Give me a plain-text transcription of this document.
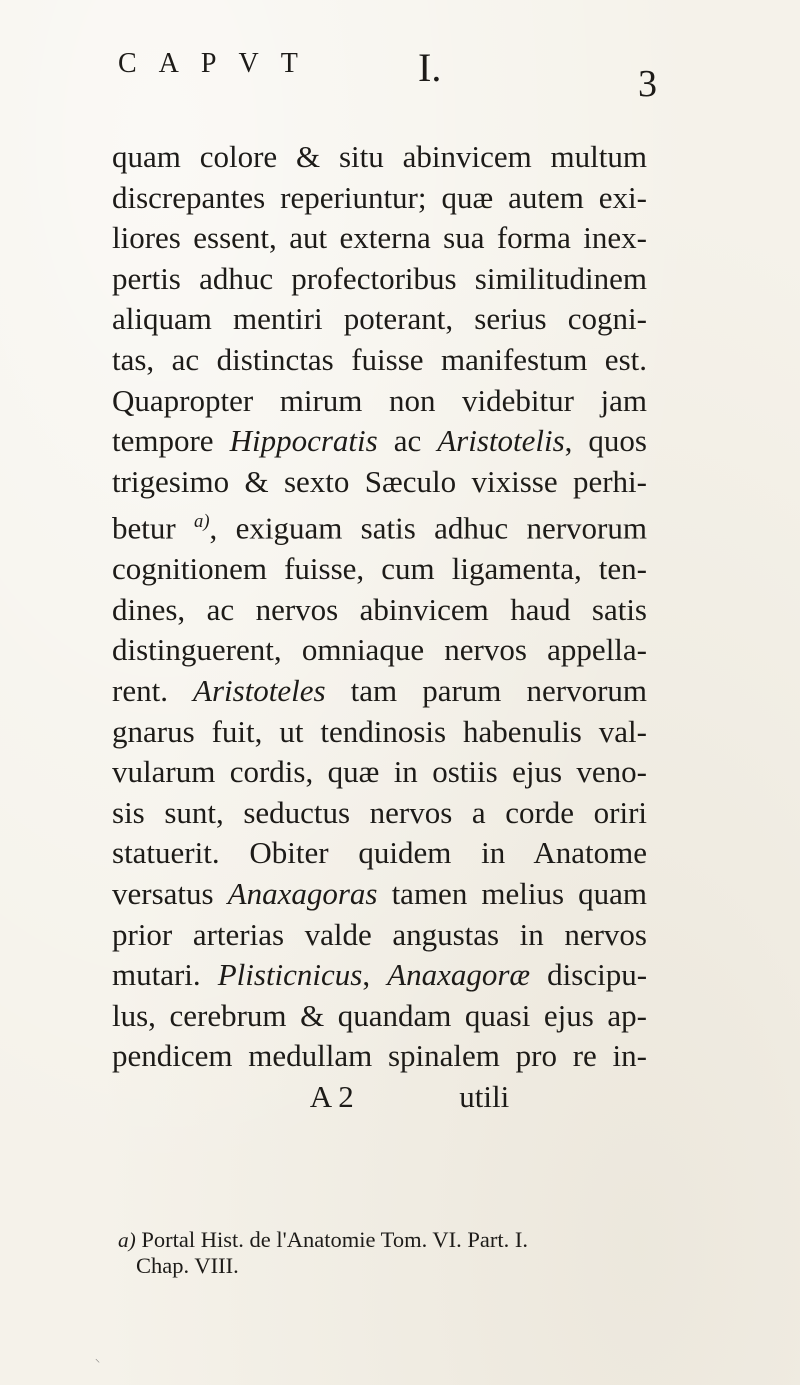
CAPVT I.	3
quam colore & situ abinvicem multum
discrepantes reperiuntur; quæ autem exi-
liores essent, aut externa sua forma inex-
pertis adhuc profectoribus similitudinem
aliquam mentiri poterant, serius cogni-
tas, ac distinctas fuisse manifestum est.
Quapropter mirum non videbitur jam
tempore Hippocratis ac Aristotelis, quos
trigesimo & sexto Sæculo vixisse perhi-
betur $^{a)}$, exiguam satis adhuc nervorum
cognitionem fuisse, cum ligamenta, ten-
dines, ac nervos abinvicem haud satis
distinguerent, omniaque nervos appella-
rent. Aristoteles tam parum nervorum
gnarus fuit, ut tendinosis habenulis val-
vularum cordis, quæ in ostiis ejus veno-
sis sunt, seductus nervos a corde oriri
statuerit. Obiter quidem in Anatome
versatus Anaxagoras tamen melius quam
prior arterias valde angustas in nervos
mutari. Plisticnicus, Anaxagoræ discipu-
lus, cerebrum & quandam quasi ejus ap-
pendicem medullam spinalem pro re in-
A 2	utili
a) Portal Hist. de l'Anatomie Tom. VI. Part. I.
Chap. VIII.
⸌
